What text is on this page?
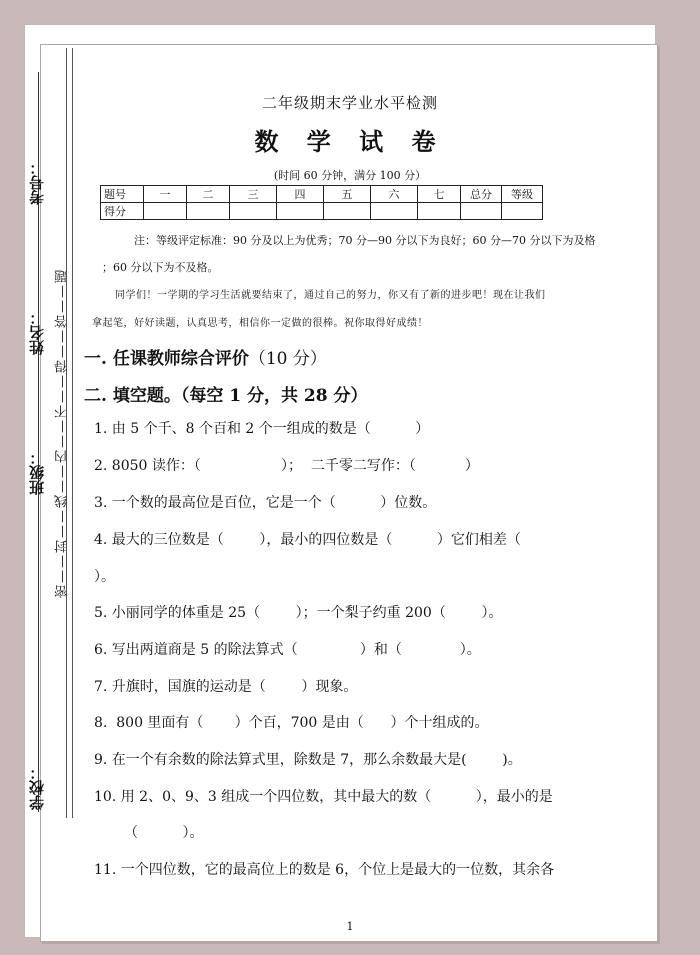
考号：
姓名：
班级：
学校：
密——封——线——内——不——得——答——题
二年级期末学业水平检测
数 学 试 卷
(时间 60 分钟，满分 100 分）
题号	一	二	三	四	五	六	七	总分	等级
得分									
注：等级评定标准：90 分及以上为优秀；70 分—90 分以下为良好；60 分—70 分以下为及格
；60 分以下为不及格。
同学们！一学期的学习生活就要结束了，通过自己的努力，你又有了新的进步吧！现在让我们
拿起笔，好好读题，认真思考，相信你一定做的很棒。祝你取得好成绩！
一. 任课教师综合评价（10 分）
二. 填空题。（每空 1 分，共 28 分）
1. 由 5 个千、8 个百和 2 个一组成的数是（          ）
2. 8050 读作：（                  ）；  二千零二写作：（           ）
3. 一个数的最高位是百位，它是一个（          ）位数。
4. 最大的三位数是（        ），最小的四位数是（          ）它们相差（
）。
5. 小丽同学的体重是 25（        ）；一个梨子约重 200（        ）。
6. 写出两道商是 5 的除法算式（              ）和（             ）。
7. 升旗时，国旗的运动是（        ）现象。
8.  800 里面有（       ）个百，700 是由（      ）个十组成的。
9. 在一个有余数的除法算式里，除数是 7，那么余数最大是(        )。
10. 用 2、0、9、3 组成一个四位数，其中最大的数（          ），最小的是
（          ）。
11. 一个四位数，它的最高位上的数是 6，个位上是最大的一位数，其余各
1
